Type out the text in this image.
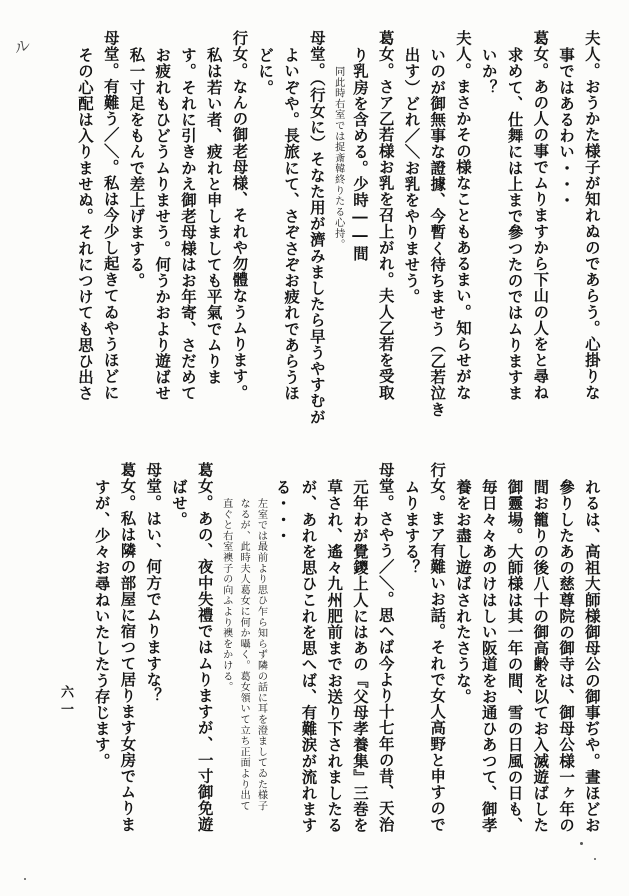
ル	夫人。おうかた様子が知れぬのであらう。心掛りな
事ではあるわい・・・
葛女。あの人の事でムりますから下山の人をと尋ね
求めて、仕舞には上まで參つたのではムりますま
いか？
夫人。まさかその様なこともあるまい。知らせがな
いのが御無事な證據、今暫く待ちませう（乙若泣き
出す）どれ／＼お乳をやりませう。
葛女。さア乙若様お乳を召上がれ。夫人乙若を受取
り乳房を含める。少時――間
同此時右室では捉斎韓終りたる心持。
母堂。（行女に）そなた用が濟みましたら早うやすむが
よいぞや。長旅にて、さぞさぞお疲れであらうほ
どに。
行女。なんの御老母様、それや勿體なうムります。
私は若い者、疲れと申しましても平氣でムりま
す。それに引きかえ御老母様はお年寄、さだめて
お疲れもひどうムりませう。何うかおより遊ばせ
私一寸足をもんで差上げまする。
母堂。有難う／＼。私は今少し起きてゐやうほどに
その心配は入りませぬ。それにつけても思ひ出さ
れるは、高祖大師様御母公の御事ぢや。晝ほどお
參りしたあの慈尊院の御寺は、御母公様一ヶ年の
間お籠りの後八十の御高齢を以てお入滅遊ばした
御靈場。大師様は其一年の間、雪の日風の日も、
毎日々々あのけはしい阪道をお通ひあつて、御孝
養をお盡し遊ばされたさうな。
行女。まア有難いお話。それで女人高野と申すので
ムりまする？
母堂。さやう／＼。思へば今より十七年の昔、天治
元年わが覺鑁上人にはあの『父母孝養集』三巻を
草され、遙々九州肥前までお送り下されましたる
が、あれを思ひこれを思へば、有難涙が流れます
る・・・
左室では最前より思ひ乍ら知らず隣の話に耳を澄ましてゐた様子
なるが、此時夫人葛女に何か囁く。葛女領いて立ち正面より出て
直ぐと右室襖子の向ふより襖をかける。
葛女。あの、夜中失禮ではムりますが、一寸御免遊
ばせ。
母堂。はい、何方でムりますな？
葛女。私は隣の部屋に宿つて居ります女房でムりま
すが、少々お尋ねいたしたう存じます。
六一
